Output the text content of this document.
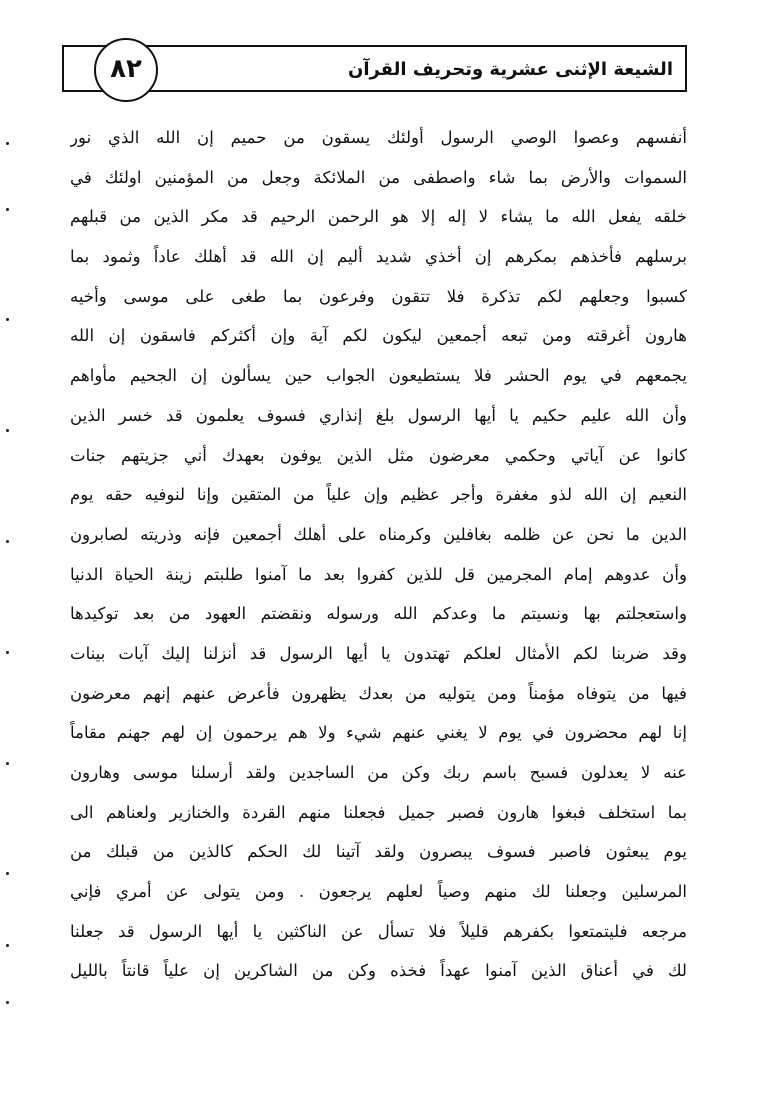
الشيعة الإثنى عشرية وتحريف القرآن
٨٢
أنفسهم وعصوا الوصي الرسول أولئك يسقون من حميم إن الله الذي نور
السموات والأرض بما شاء واصطفى من الملائكة وجعل من المؤمنين اولئك في
خلقه يفعل الله ما يشاء لا إله إلا هو الرحمن الرحيم قد مكر الذين من قبلهم
برسلهم فأخذهم بمكرهم إن أخذي شديد أليم إن الله قد أهلك عاداً وثمود بما
كسبوا وجعلهم لكم تذكرة فلا تتقون وفرعون بما طغى على موسى وأخيه
هارون أغرقته ومن تبعه أجمعين ليكون لكم آية وإن أكثركم فاسقون إن الله
يجمعهم في يوم الحشر فلا يستطيعون الجواب حين يسألون إن الجحيم مأواهم
وأن الله عليم حكيم يا أيها الرسول بلغ إنذاري فسوف يعلمون قد خسر الذين
كانوا عن آياتي وحكمي معرضون مثل الذين يوفون بعهدك أني جزيتهم جنات
النعيم إن الله لذو مغفرة وأجر عظيم وإن علياً من المتقين وإنا لنوفيه حقه يوم
الدين ما نحن عن ظلمه بغافلين وكرمناه على أهلك أجمعين فإنه وذريته لصابرون
وأن عدوهم إمام المجرمين قل للذين كفروا بعد ما آمنوا طلبتم زينة الحياة الدنيا
واستعجلتم بها ونسيتم ما وعدكم الله ورسوله ونقضتم العهود من بعد توكيدها
وقد ضربنا لكم الأمثال لعلكم تهتدون يا أيها الرسول قد أنزلنا إليك آيات بينات
فيها من يتوفاه مؤمناً ومن يتوليه من بعدك يظهرون فأعرض عنهم إنهم معرضون
إنا لهم محضرون في يوم لا يغني عنهم شيء ولا هم يرحمون إن لهم جهنم مقاماً
عنه لا يعدلون فسبح باسم ربك وكن من الساجدين ولقد أرسلنا موسى وهارون
بما استخلف فبغوا هارون فصبر جميل فجعلنا منهم القردة والخنازير ولعناهم الى
يوم يبعثون فاصبر فسوف يبصرون ولقد آتينا لك الحكم كالذين من قبلك من
المرسلين وجعلنا لك منهم وصياً لعلهم يرجعون . ومن يتولى عن أمري فإني
مرجعه فليتمتعوا بكفرهم قليلاً فلا تسأل عن الناكثين يا أيها الرسول قد جعلنا
لك في أعناق الذين آمنوا عهداً فخذه وكن من الشاكرين إن علياً قانتاً بالليل
